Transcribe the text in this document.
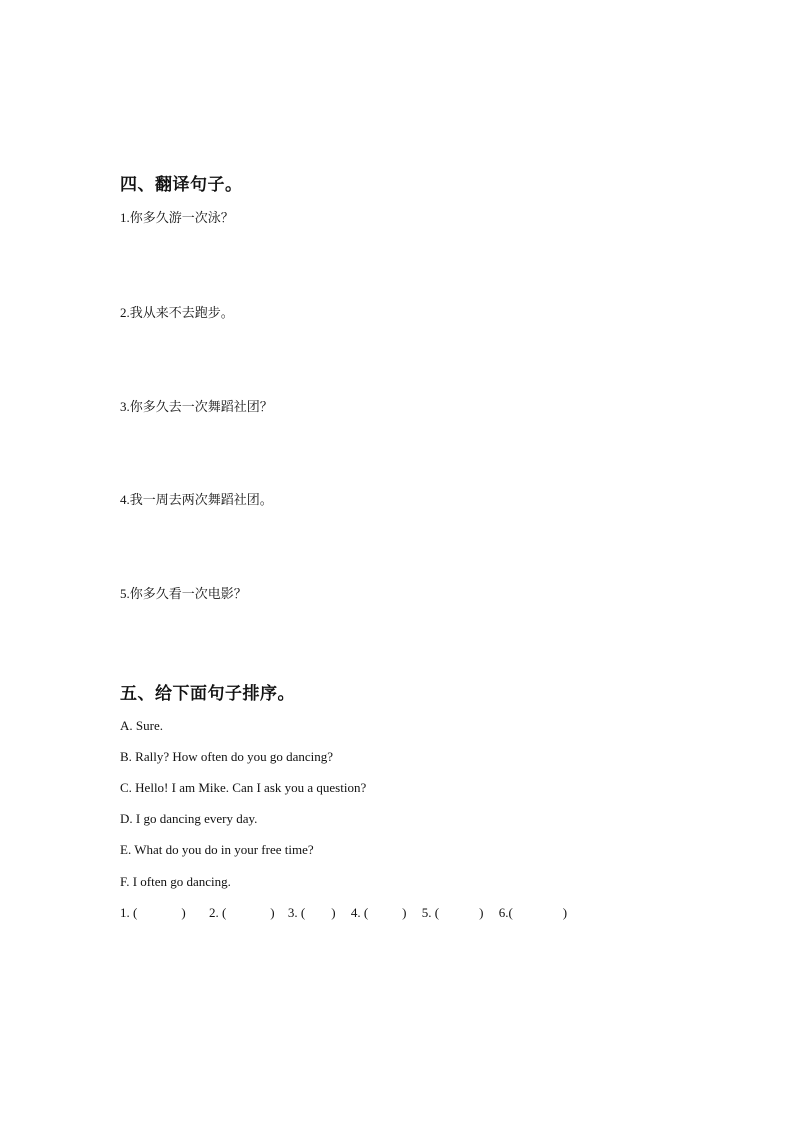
四、翻译句子。

1.你多久游一次泳？

2.我从来不去跑步。

3.你多久去一次舞蹈社团？

4.我一周去两次舞蹈社团。

5.你多久看一次电影？

五、给下面句子排序。

A. Sure.

B. Rally? How often do you go dancing?

C. Hello! I am Mike. Can I ask you a question?

D. I go dancing every day.

E. What do you do in your free time?

F. I often go dancing.

1. (	) 2. (	) 3. ( ) 4. (	) 5. (	) 6.(	)
